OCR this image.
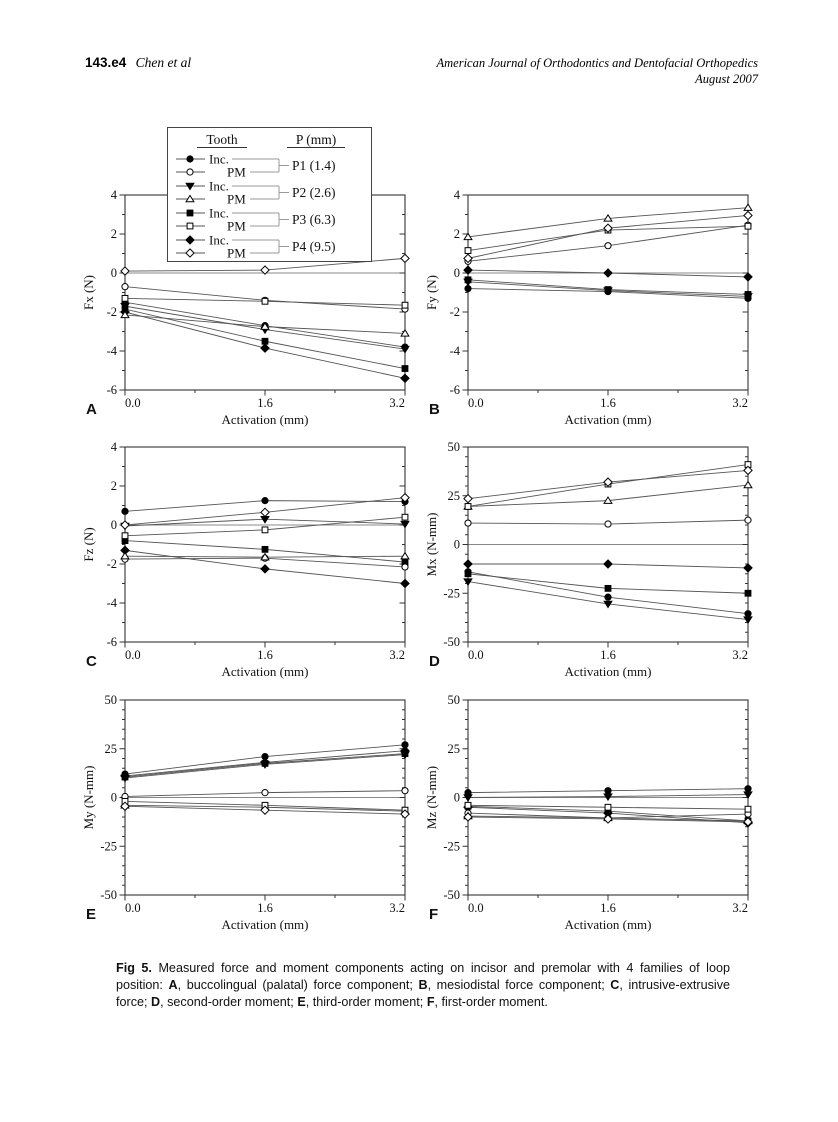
143.e4 Chen et al	American Journal of Orthodontics and Dentofacial Orthopedics
August 2007
-6
-4
-2
0
2
4
0.0	1.6	3.2
Activation (mm)
Fx (N)
A
-6
-4
-2
0
2
4
0.0	1.6	3.2
Activation (mm)
Fy (N)
B
-6
-4
-2
0
2
4
0.0	1.6	3.2
Activation (mm)
Fz (N)
C
-50
-25
0
25
50
0.0	1.6	3.2
Activation (mm)
Mx (N-mm)
D
-50
-25
0
25
50
0.0	1.6	3.2
Activation (mm)
My (N-mm)
E
-50
-25
0
25
50
0.0	1.6	3.2
Activation (mm)
Mz (N-mm)
F
Tooth	P (mm)
Inc.
PM	P1 (1.4)
Inc.
PM	P2 (2.6)
Inc.
PM	P3 (6.3)
Inc.
PM	P4 (9.5)

Fig 5. Measured force and moment components acting on incisor and premolar with 4 families of loop position: A, buccolingual (palatal) force component; B, mesiodistal force component; C, intrusive-extrusive force; D, second-order moment; E, third-order moment; F, first-order moment.
